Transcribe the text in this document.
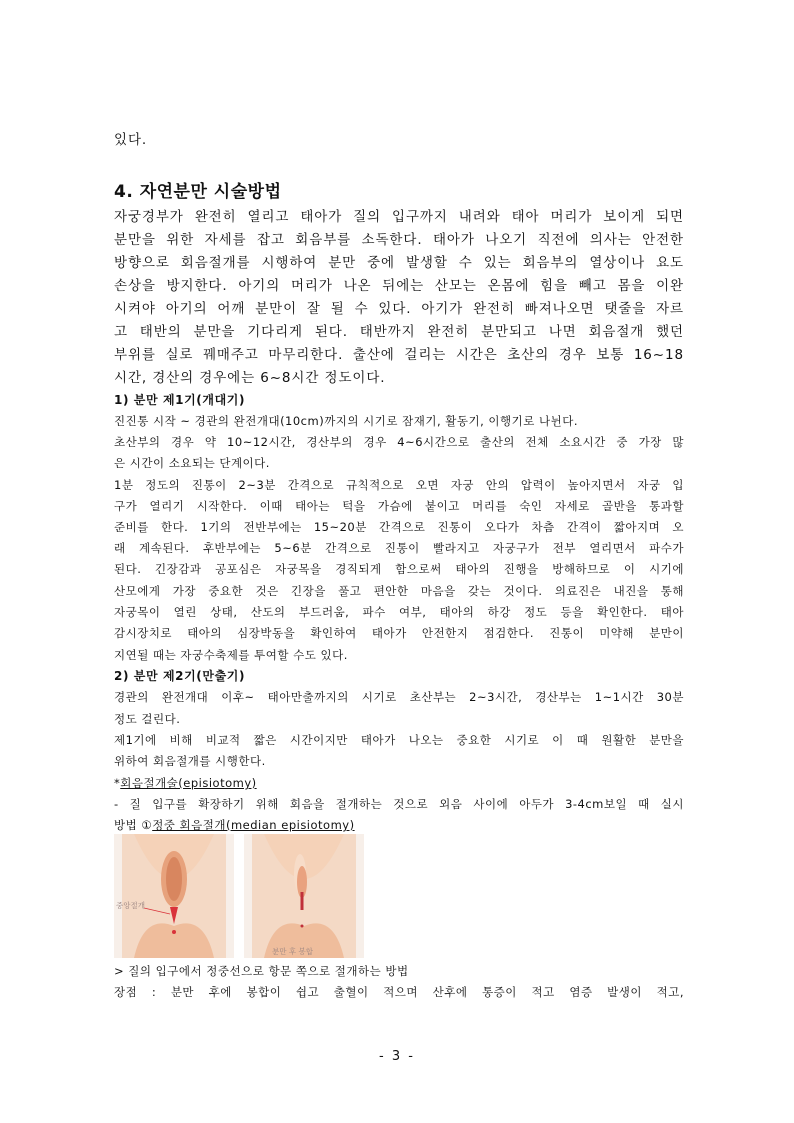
있다.
4. 자연분만 시술방법
자궁경부가 완전히 열리고 태아가 질의 입구까지 내려와 태아 머리가 보이게 되면
분만을 위한 자세를 잡고 회음부를 소독한다. 태아가 나오기 직전에 의사는 안전한
방향으로 회음절개를 시행하여 분만 중에 발생할 수 있는 회음부의 열상이나 요도
손상을 방지한다. 아기의 머리가 나온 뒤에는 산모는 온몸에 힘을 빼고 몸을 이완
시켜야 아기의 어깨 분만이 잘 될 수 있다. 아기가 완전히 빠져나오면 탯줄을 자르
고 태반의 분만을 기다리게 된다. 태반까지 완전히 분만되고 나면 회음절개 했던
부위를 실로 꿰매주고 마무리한다. 출산에 걸리는 시간은 초산의 경우 보통 16~18
시간, 경산의 경우에는 6~8시간 정도이다.
1) 분만 제1기(개대기)
진진통 시작 ~ 경관의 완전개대(10cm)까지의 시기로 잠재기, 활동기, 이행기로 나뉜다.
초산부의 경우 약 10~12시간, 경산부의 경우 4~6시간으로 출산의 전체 소요시간 중 가장 많
은 시간이 소요되는 단계이다.
1분 정도의 진통이 2~3분 간격으로 규칙적으로 오면 자궁 안의 압력이 높아지면서 자궁 입
구가 열리기 시작한다. 이때 태아는 턱을 가슴에 붙이고 머리를 숙인 자세로 골반을 통과할
준비를 한다. 1기의 전반부에는 15~20분 간격으로 진통이 오다가 차츰 간격이 짧아지며 오
래 계속된다. 후반부에는 5~6분 간격으로 진통이 빨라지고 자궁구가 전부 열리면서 파수가
된다. 긴장감과 공포심은 자궁목을 경직되게 함으로써 태아의 진행을 방해하므로 이 시기에
산모에게 가장 중요한 것은 긴장을 풀고 편안한 마음을 갖는 것이다. 의료진은 내진을 통해
자궁목이 열린 상태, 산도의 부드러움, 파수 여부, 태아의 하강 정도 등을 확인한다. 태아
감시장치로 태아의 심장박동을 확인하여 태아가 안전한지 점검한다. 진통이 미약해 분만이
지연될 때는 자궁수축제를 투여할 수도 있다.
2) 분만 제2기(만출기)
경관의 완전개대 이후~ 태아만출까지의 시기로 초산부는 2~3시간, 경산부는 1~1시간 30분
정도 걸린다.
제1기에 비해 비교적 짧은 시간이지만 태아가 나오는 중요한 시기로 이 때 원활한 분만을
위하여 회음절개를 시행한다.
*회음절개술(episiotomy)
- 질 입구를 확장하기 위해 회음을 절개하는 것으로 외음 사이에 아두가 3-4cm보일 때 실시
방법 ①정중 회음절개(median episiotomy)
중앙절개
분만 후 봉합
> 질의 입구에서 정중선으로 항문 쪽으로 절개하는 방법
장점 : 분만 후에 봉합이 쉽고 출혈이 적으며 산후에 통증이 적고 염증 발생이 적고,
- 3 -
